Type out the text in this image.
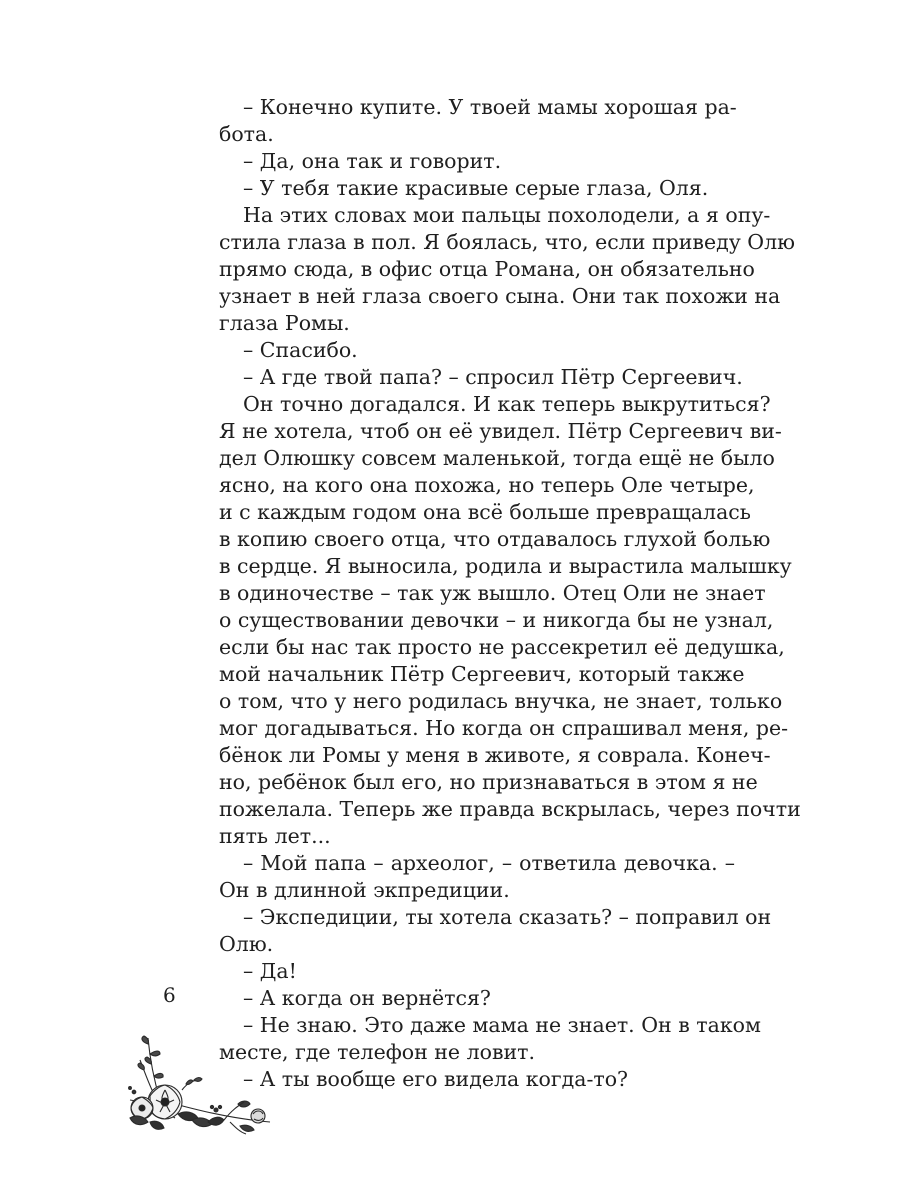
– Конечно купите. У твоей мамы хорошая ра-
бота.
– Да, она так и говорит.
– У тебя такие красивые серые глаза, Оля.
На этих словах мои пальцы похолодели, а я опу-
стила глаза в пол. Я боялась, что, если приведу Олю
прямо сюда, в офис отца Романа, он обязательно
узнает в ней глаза своего сына. Они так похожи на
глаза Ромы.
– Спасибо.
– А где твой папа? – спросил Пётр Сергеевич.
Он точно догадался. И как теперь выкрутиться?
Я не хотела, чтоб он её увидел. Пётр Сергеевич ви-
дел Олюшку совсем маленькой, тогда ещё не было
ясно, на кого она похожа, но теперь Оле четыре,
и с каждым годом она всё больше превращалась
в копию своего отца, что отдавалось глухой болью
в сердце. Я выносила, родила и вырастила малышку
в одиночестве – так уж вышло. Отец Оли не знает
о существовании девочки – и никогда бы не узнал,
если бы нас так просто не рассекретил её дедушка,
мой начальник Пётр Сергеевич, который также
о том, что у него родилась внучка, не знает, только
мог догадываться. Но когда он спрашивал меня, ре-
бёнок ли Ромы у меня в животе, я соврала. Конеч-
но, ребёнок был его, но признаваться в этом я не
пожелала. Теперь же правда вскрылась, через почти
пять лет...
– Мой папа – археолог, – ответила девочка. –
Он в длинной экпредиции.
– Экспедиции, ты хотела сказать? – поправил он
Олю.
– Да!
– А когда он вернётся?
– Не знаю. Это даже мама не знает. Он в таком
месте, где телефон не ловит.
– А ты вообще его видела когда-то?
6
